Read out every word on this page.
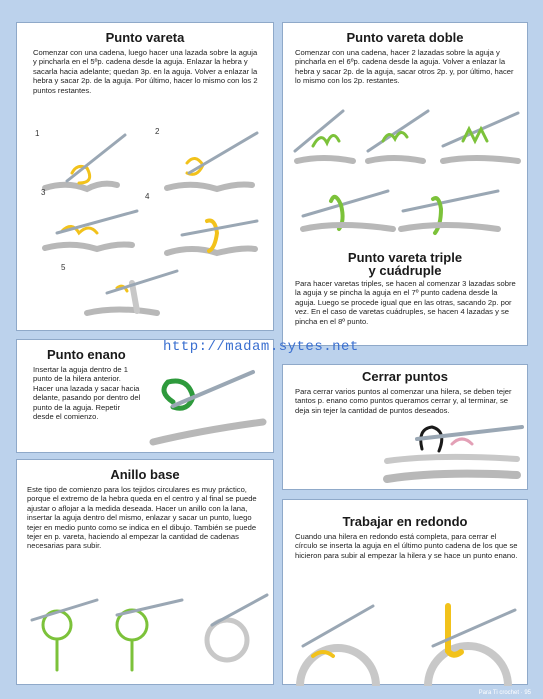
Punto vareta

Comenzar con una cadena, luego hacer una lazada sobre la aguja y pincharla en el 5ºp. cadena desde la aguja. Enlazar la hebra y sacarla hacia adelante; quedan 3p. en la aguja. Volver a enlazar la hebra y sacar 2p. de la aguja. Por último, hacer lo mismo con los 2 puntos restantes.

1	2
3	4
5
Punto vareta doble

Comenzar con una cadena, hacer 2 lazadas sobre la aguja y pincharla en el 6ºp. cadena desde la aguja. Volver a enlazar la hebra y sacar 2p. de la aguja, sacar otros 2p. y, por último, hacer lo mismo con los 2p. restantes.

Punto vareta triple
y cuádruple

Para hacer varetas triples, se hacen al comenzar 3 lazadas sobre la aguja y se pincha la aguja en el 7º punto cadena desde la aguja. Luego se procede igual que en las otras, sacando 2p. por vez. En el caso de varetas cuádruples, se hacen 4 lazadas y se pincha en el 8º punto.

Punto enano

Insertar la aguja dentro de 1 punto de la hilera anterior. Hacer una lazada y sacar hacia delante, pasando por dentro del punto de la aguja. Repetir desde el comienzo.

Cerrar puntos

Para cerrar varios puntos al comenzar una hilera, se deben tejer tantos p. enano como puntos queramos cerrar y, al terminar, se deja sin tejer la cantidad de puntos deseados.

Anillo base

Este tipo de comienzo para los tejidos circulares es muy práctico, porque el extremo de la hebra queda en el centro y al final se puede ajustar o aflojar a la medida deseada. Hacer un anillo con la lana, insertar la aguja dentro del mismo, enlazar y sacar un punto, luego tejer en medio punto como se indica en el dibujo. También se puede tejer en p. vareta, haciendo al empezar la cantidad de cadenas necesarias para subir.

Trabajar en redondo

Cuando una hilera en redondo está completa, para cerrar el círculo se inserta la aguja en el último punto cadena de los que se hicieron para subir al empezar la hilera y se hace un punto enano.

http://madam.sytes.net
Para Ti crochet · 95
